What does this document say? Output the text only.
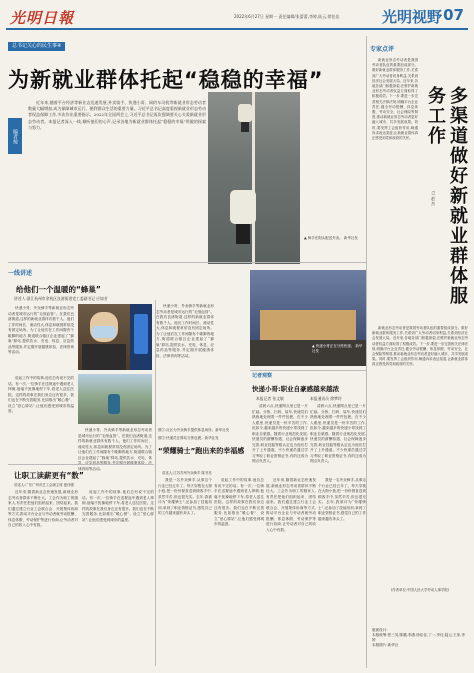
光明日報	2022年6月27日 星期一 责任编辑/张蕾蕾,李婷,陆云,徐佳佳	光明视野 07
总书记关心的民生事④
为新就业群体托起“稳稳的幸福”
编者按
近年来,随着平台经济等新业态迅速发展,外卖骑手、快递小哥、网约车司机等新就业形态劳动者数量大幅增加,成为保障城市运行、便利群众生活的重要力量。习近平总书记高度重视新就业形态劳动者权益保障工作,多次作出重要指示。2022年全国两会上,习近平总书记再次强调要关心关爱新就业形态劳动者。本报记者深入一线,倾听他们的心声,记录各地为新就业群体托起“稳稳的幸福”所做的探索与努力。
▲ 骑手在街头配送外卖。 新华社发
一线讲述
给他们一个温暖的“蜂巢”
讲述人:浙江杭州市余杭区良渚街道党工委副书记 应如芳
快递小哥、外卖骑手等新就业形态劳动者是城市运行的“毛细血管”。在我们良渚街道,这样的新就业群体有数千人。他们工作时间长、流动性大,休息和就餐常常没有固定场所。为了让他们在工作间隙有个歇脚的地方,街道联合辖区企业建起了“蜂巢”驿站,提供饮水、充电、休息、应急药品等服务,并定期开展健康体检、法律咨询等活动。
说起工作中的故事,他们总有说不完的话。有一次,一位骑手在送餐途中遇到老人摔倒,他毫不犹豫地停下车,将老人送往医院。这样的故事在我们身边还有很多。我们也在不断完善服务,比如推出“暖心餐”、设立“爱心驿站”,让他们感受到城市的温度。
快递小哥、外卖骑手等新就业形态劳动者是城市运行的“毛细血管”。在我们良渚街道,这样的新就业群体有数千人。他们工作时间长、流动性大,休息和就餐常常没有固定场所。为了让他们在工作间隙有个歇脚的地方,街道联合辖区企业建起了“蜂巢”驿站,提供饮水、充电、休息、应急药品等服务,并定期开展健康体检、法律咨询等活动。
让职工读薪更有“数”
讲述人:广东广州市总工会副主席 夏伟强
近年来,随着新业态快速发展,新就业形态劳动者群体不断壮大。工会作为职工的娘家人,有责任把他们组织起来、团结起来。我们通过建立行业工会联合会、开展集体协商等方式,推动平台企业与劳动者就劳动报酬、休息休假、劳动保护等进行协商,让劳动者对自己的收入心中有数。
说起工作中的故事,他们总有说不完的话。有一次,一位骑手在送餐途中遇到老人摔倒,他毫不犹豫地停下车,将老人送往医院。这样的故事在我们身边还有很多。我们也在不断完善服务,比如推出“暖心餐”、设立“爱心驿站”,让他们感受到城市的温度。
图①:社区为外卖骑手提供休息场所。新华社发
图②:快递员在驿站分拣包裹。新华社发
快递小哥、外卖骑手等新就业形态劳动者是城市运行的“毛细血管”。在我们良渚街道,这样的新就业群体有数千人。他们工作时间长、流动性大,休息和就餐常常没有固定场所。为了让他们在工作间隙有个歇脚的地方,街道联合辖区企业建起了“蜂巢”驿站,提供饮水、充电、休息、应急药品等服务,并定期开展健康体检、法律咨询等活动。
▲ 快递小哥正在分拣快递。 新华社发
“荣耀骑士”跑出来的幸福感
讲述人:江苏苏州外卖骑手 陈书亮
我是一名外卖骑手,从事这个行业已经五年了。每天穿梭在大街小巷,把一份份餐食送到顾客手中,虽然辛苦,但也很充实。去年,我被评为“荣耀骑士”,还参加了技能培训,拿到了职业资格证书,感觉自己的工作越来越有奔头了。
说起工作中的故事,他们总有说不完的话。有一次,一位骑手在送餐途中遇到老人摔倒,他毫不犹豫地停下车,将老人送往医院。这样的故事在我们身边还有很多。我们也在不断完善服务,比如推出“暖心餐”、设立“爱心驿站”,让他们感受到城市的温度。
近年来,随着新业态快速发展,新就业形态劳动者群体不断壮大。工会作为职工的娘家人,有责任把他们组织起来、团结起来。我们通过建立行业工会联合会、开展集体协商等方式,推动平台企业与劳动者就劳动报酬、休息休假、劳动保护等进行协商,让劳动者对自己的收入心中有数。
我是一名外卖骑手,从事这个行业已经五年了。每天穿梭在大街小巷,把一份份餐食送到顾客手中,虽然辛苦,但也很充实。去年,我被评为“荣耀骑士”,还参加了技能培训,拿到了职业资格证书,感觉自己的工作越来越有奔头了。
记者观察
快递小哥:职业自豪感越来越浓
本报记者 张文敏	本报通讯员 徐梦玲
清晨六点,快递网点里已是一片忙碌。分拣、扫码、装车,快递员们熟练地处理着一件件包裹。在不少人眼里,快递员是一份辛苦的工作,但如今,越来越多的快递小哥找到了职业自豪感。随着行业规范化发展,快递员的薪酬待遇、社会保障逐步完善,职业技能等级认定也为他们打开了上升通道。不少快递员通过学习考取了职业资格证书,有的还成为网点负责人。
清晨六点,快递网点里已是一片忙碌。分拣、扫码、装车,快递员们熟练地处理着一件件包裹。在不少人眼里,快递员是一份辛苦的工作,但如今,越来越多的快递小哥找到了职业自豪感。随着行业规范化发展,快递员的薪酬待遇、社会保障逐步完善,职业技能等级认定也为他们打开了上升通道。不少快递员通过学习考取了职业资格证书,有的还成为网点负责人。
专家点评
多渠道做好新就业群体服务工作
□ 赵 杰
新就业形态劳动者是我国劳动者队伍的重要组成部分。做好新就业群体服务工作,关系到广大劳动者切身利益,关系到经济社会发展大局。近年来,各地各部门积极探索,在维护新就业形态劳动者权益方面取得了积极成效。下一步,要进一步完善相关法律法规,明确平台企业责任,健全劳动报酬、休息休假、劳动安全、社会保险等制度,推动新就业形态劳动者更好融入城市、共享发展成果。同时,要发挥工会组织作用,畅通诉求表达渠道,让新就业群体真正感受到党和政府的关怀。
新就业形态劳动者是我国劳动者队伍的重要组成部分。做好新就业群体服务工作,关系到广大劳动者切身利益,关系到经济社会发展大局。近年来,各地各部门积极探索,在维护新就业形态劳动者权益方面取得了积极成效。下一步,要进一步完善相关法律法规,明确平台企业责任,健全劳动报酬、休息休假、劳动安全、社会保险等制度,推动新就业形态劳动者更好融入城市、共享发展成果。同时,要发挥工会组织作用,畅通诉求表达渠道,让新就业群体真正感受到党和政府的关怀。
(作者单位:中国人民大学劳动人事学院)
版面设计:
本版统筹:张三英,陈璐,李潇,徐佳佳,丁一,李佳,陆云,王家,李婷
本版图片:新华社
